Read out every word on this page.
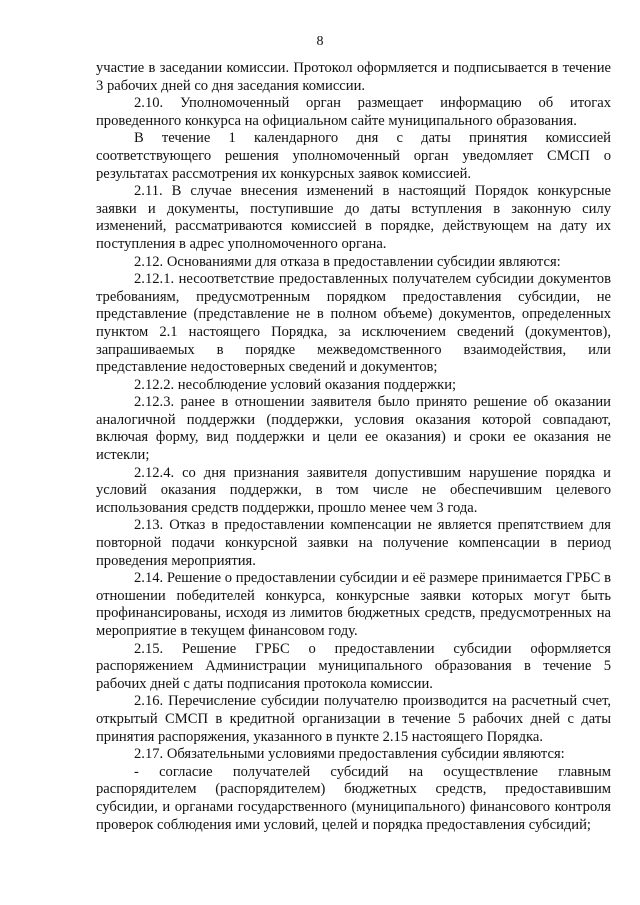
8

участие в заседании комиссии. Протокол оформляется и подписывается в течение 3 рабочих дней со дня заседания комиссии.

2.10. Уполномоченный орган размещает информацию об итогах проведенного конкурса на официальном сайте муниципального образования.

В течение 1 календарного дня с даты принятия комиссией соответствующего решения уполномоченный орган уведомляет СМСП о результатах рассмотрения их конкурсных заявок комиссией.

2.11. В случае внесения изменений в настоящий Порядок конкурсные заявки и документы, поступившие до даты вступления в законную силу изменений, рассматриваются комиссией в порядке, действующем на дату их поступления в адрес уполномоченного органа.

2.12. Основаниями для отказа в предоставлении субсидии являются:

2.12.1. несоответствие предоставленных получателем субсидии документов требованиям, предусмотренным порядком предоставления субсидии, не представление (представление не в полном объеме) документов, определенных пунктом 2.1 настоящего Порядка, за исключением сведений (документов), запрашиваемых в порядке межведомственного взаимодействия, или представление недостоверных сведений и документов;

2.12.2. несоблюдение условий оказания поддержки;

2.12.3. ранее в отношении заявителя было принято решение об оказании аналогичной поддержки (поддержки, условия оказания которой совпадают, включая форму, вид поддержки и цели ее оказания) и сроки ее оказания не истекли;

2.12.4. со дня признания заявителя допустившим нарушение порядка и условий оказания поддержки, в том числе не обеспечившим целевого использования средств поддержки, прошло менее чем 3 года.

2.13. Отказ в предоставлении компенсации не является препятствием для повторной подачи конкурсной заявки на получение компенсации в период проведения мероприятия.

2.14. Решение о предоставлении субсидии и её размере принимается ГРБС в отношении победителей конкурса, конкурсные заявки которых могут быть профинансированы, исходя из лимитов бюджетных средств, предусмотренных на мероприятие в текущем финансовом году.

2.15. Решение ГРБС о предоставлении субсидии оформляется распоряжением Администрации муниципального образования в течение 5 рабочих дней с даты подписания протокола комиссии.

2.16. Перечисление субсидии получателю производится на расчетный счет, открытый СМСП в кредитной организации в течение 5 рабочих дней с даты принятия распоряжения, указанного в пункте 2.15 настоящего Порядка.

2.17. Обязательными условиями предоставления субсидии являются:

- согласие получателей субсидий на осуществление главным распорядителем (распорядителем) бюджетных средств, предоставившим субсидии, и органами государственного (муниципального) финансового контроля проверок соблюдения ими условий, целей и порядка предоставления субсидий;
